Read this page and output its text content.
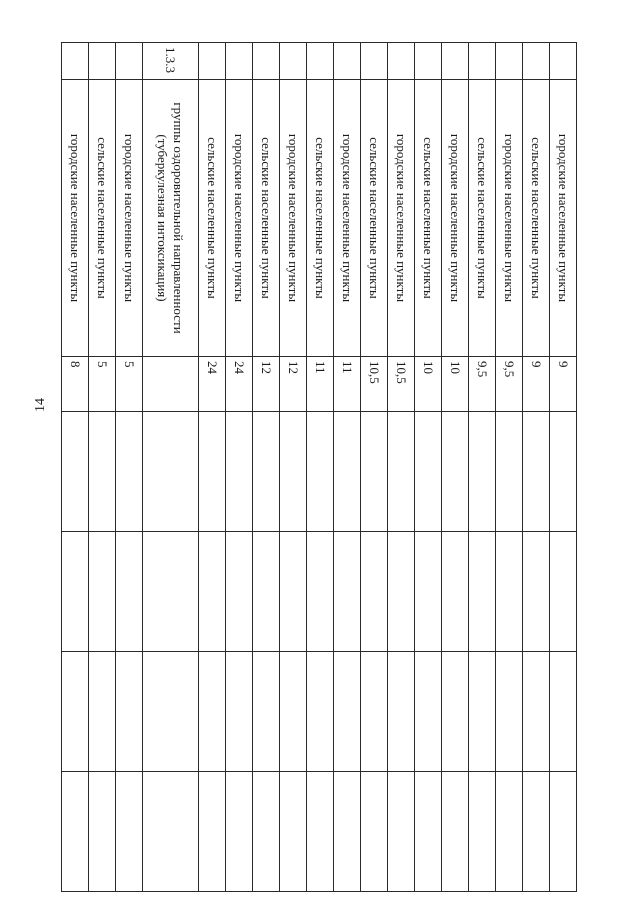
14
	городские населенные пункты	9				
	сельские населенные пункты	9				
	городские населенные пункты	9,5				
	сельские населенные пункты	9,5				
	городские населенные пункты	10				
	сельские населенные пункты	10				
	городские населенные пункты	10,5				
	сельские населенные пункты	10,5				
	городские населенные пункты	11				
	сельские населенные пункты	11				
	городские населенные пункты	12				
	сельские населенные пункты	12				
	городские населенные пункты	24				
	сельские населенные пункты	24				
1.3.3	группы оздоровительной направленности (туберкулезная интоксикация)					
	городские населенные пункты	5				
	сельские населенные пункты	5				
	городские населенные пункты	8				
